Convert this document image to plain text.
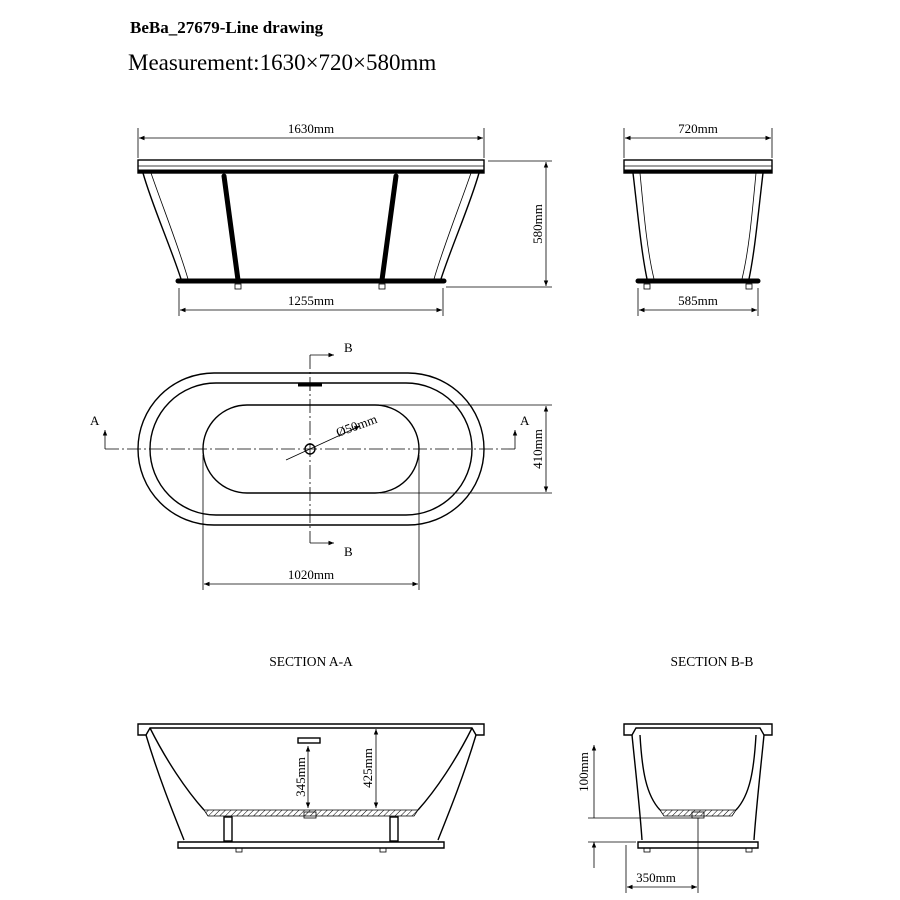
BeBa_27679-Line drawing
Measurement:1630×720×580mm
1630mm
580mm
1255mm
720mm
585mm
Ø50mm
A	A
B
B
410mm
1020mm
SECTION A-A
345mm	425mm
SECTION B-B
100mm
350mm
